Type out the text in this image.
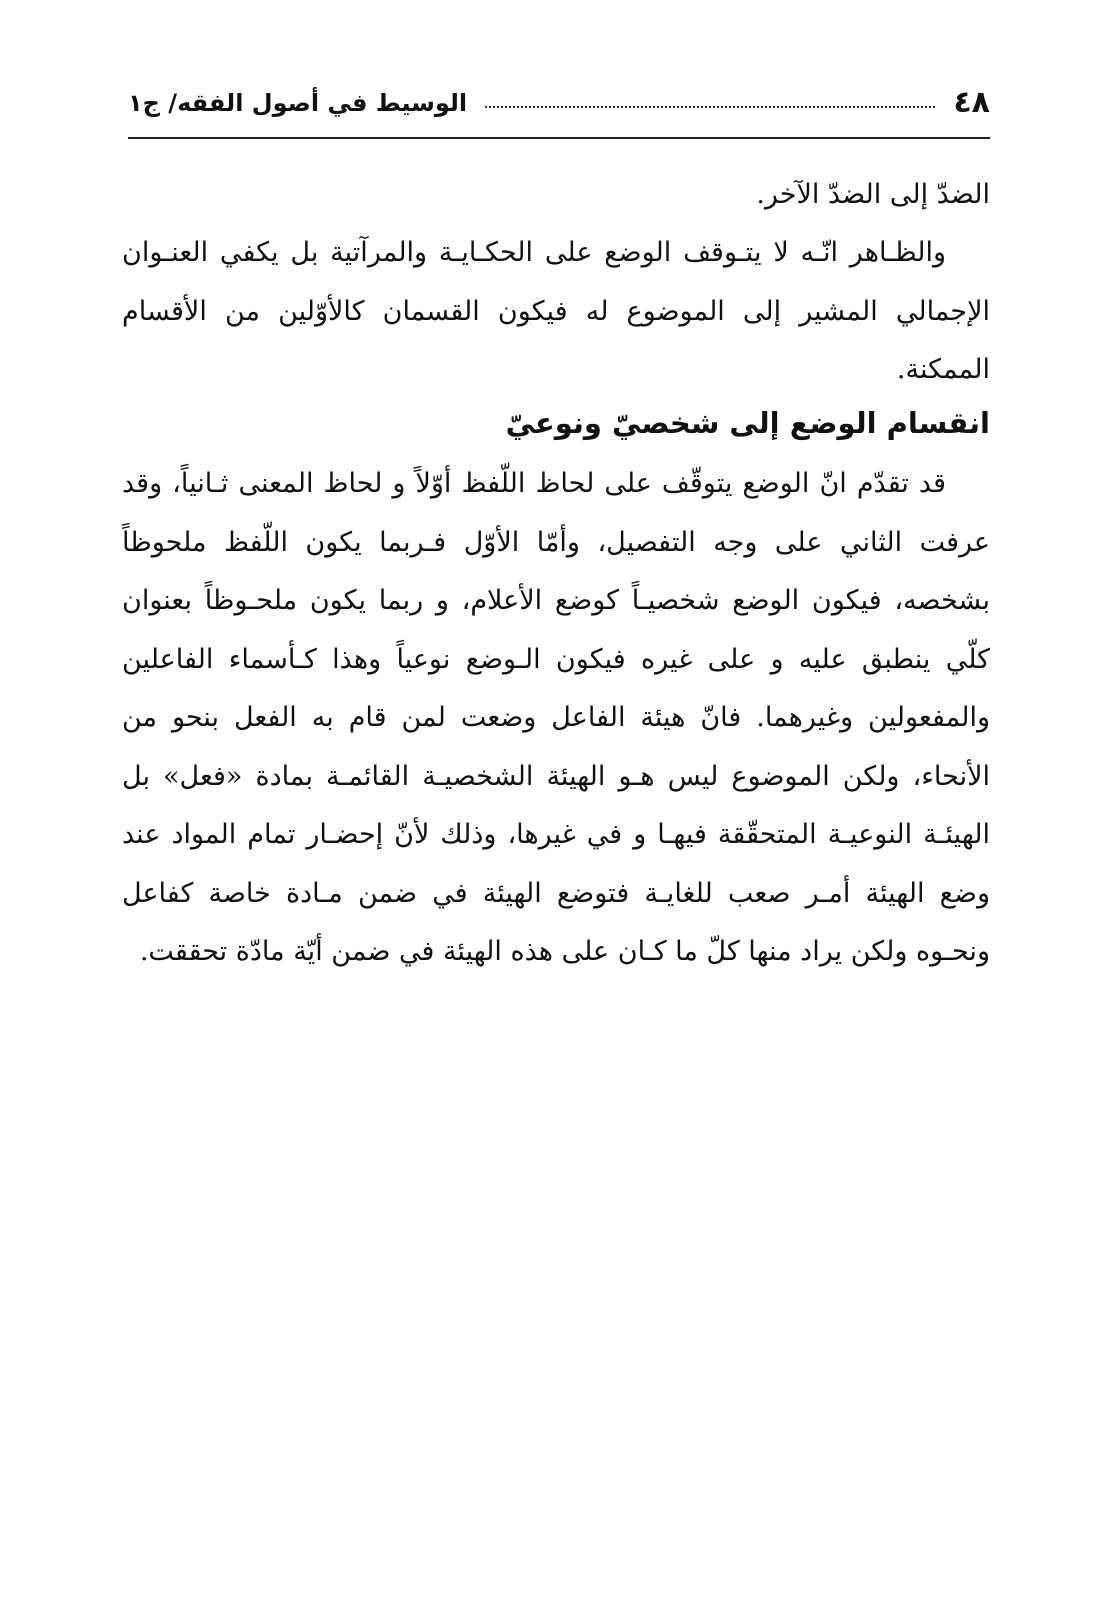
٤٨
الوسيط في أصول الفقه/ ج١
الضدّ إلى الضدّ الآخر.
والظـاهر انّـه لا يتـوقف الوضع على الحكـايـة والمرآتية بل يكفي العنـوان الإجمالي المشير إلى الموضوع له فيكون القسمان كالأوّلين من الأقسام الممكنة.
انقسام الوضع إلى شخصيّ ونوعيّ
قد تقدّم انّ الوضع يتوقّف على لحاظ اللّفظ أوّلاً و لحاظ المعنى ثـانياً، وقد عرفت الثاني على وجه التفصيل، وأمّا الأوّل فـربما يكون اللّفظ ملحوظاً بشخصه، فيكون الوضع شخصيـاً كوضع الأعلام، و ربما يكون ملحـوظاً بعنوان كلّي ينطبق عليه و على غيره فيكون الـوضع نوعياً وهذا كـأسماء الفاعلين والمفعولين وغيرهما. فانّ هيئة الفاعل وضعت لمن قام به الفعل بنحو من الأنحاء، ولكن الموضوع ليس هـو الهيئة الشخصيـة القائمـة بمادة «فعل» بل الهيئـة النوعيـة المتحقّقة فيهـا و في غيرها، وذلك لأنّ إحضـار تمام المواد عند وضع الهيئة أمـر صعب للغايـة فتوضع الهيئة في ضمن مـادة خاصة كفاعل ونحـوه ولكن يراد منها كلّ ما كـان على هذه الهيئة في ضمن أيّة مادّة تحققت.
